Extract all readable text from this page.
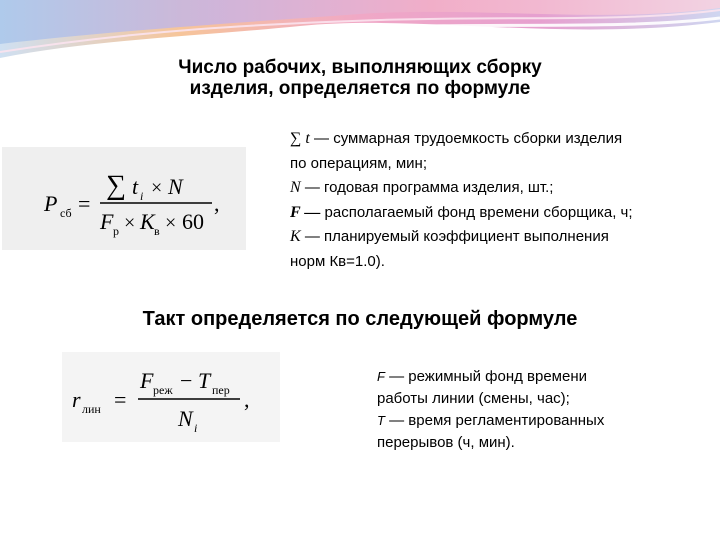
Число рабочих, выполняющих сборку
изделия, определяется по формуле
P сб =
∑ t i × N
F р × K в × 60
,
∑ t — суммарная трудоемкость сборки изделия
по операциям, мин;
N — годовая программа изделия, шт.;
F — располагаемый фонд времени сборщика, ч;
K — планируемый коэффициент выполнения
норм Кв=1.0).
Такт определяется по следующей формуле
r лин =
F реж − T пер
N i
,
F — режимный фонд времени
работы линии (смены, час);
T — время регламентированных
перерывов (ч, мин).
